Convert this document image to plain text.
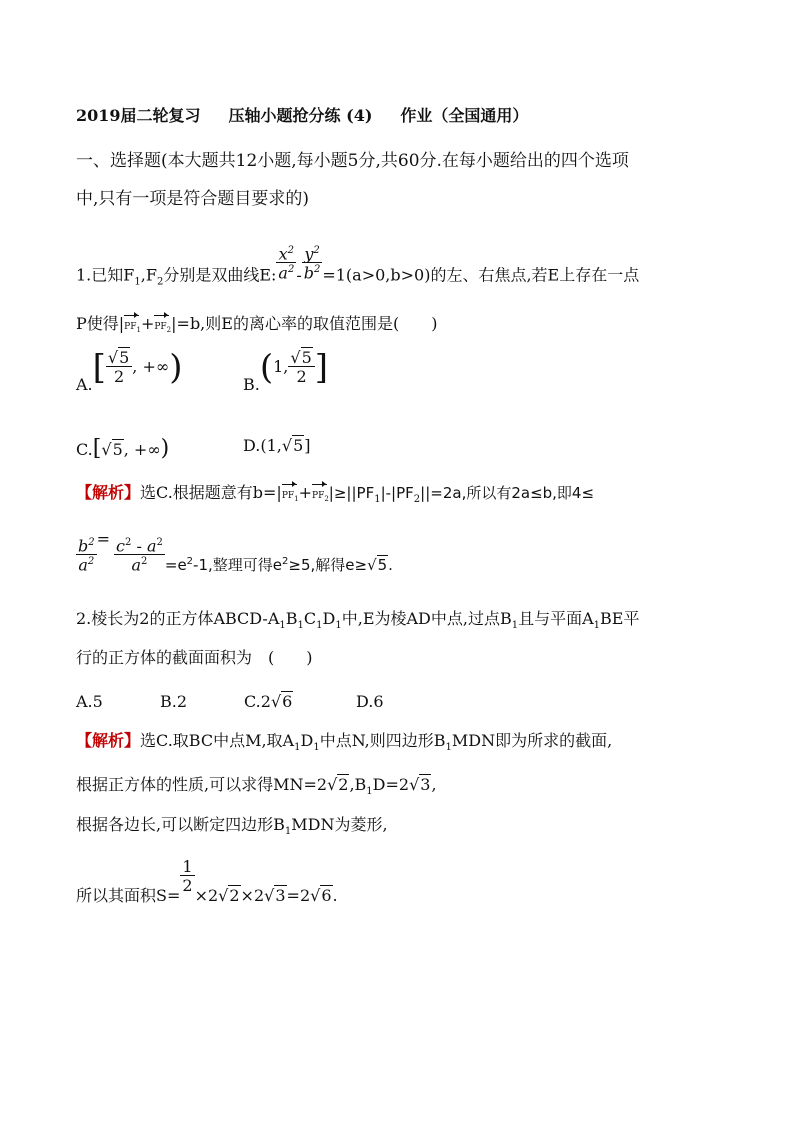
2019届二轮复习 压轴小题抢分练 (4) 作业（全国通用）
一、选择题(本大题共12小题,每小题5分,共60分.在每小题给出的四个选项
中,只有一项是符合题目要求的)
1.已知$F_1,F_2$分别是双曲线E: $\frac{x^2}{a^2} - \frac{y^2}{b^2} =1(a>0,b>0)$的左、右焦点,若E上存在一点
P使得$|PF_1+PF_2|=b$,则E的离心率的取值范围是(　　)
$A.[ \frac{√5}{2}$ , +∞)	B.(1, $\frac{√5}{2}$ ]
C.[√5, +∞)	D.(1,√5]
【解析】选C.根据题意有$b=|PF_1+PF_2|\ge||PF_1|-|PF_2||=2a$,所以有2a≤b,即4≤
$\frac{b^2}{a^2} = \frac{c^2 - a^2}{a^2} =e^2-1$,整理可得$e^2\ge 5$,解得e≥√5.
2.棱长为2的正方体ABCD-$A_1B_1C_1D_1$中,E为棱AD中点,过点$B_1$且与平面$A_1BE$平
行的正方体的截面面积为　(　　)
A.5	B.2	C.2√6	D.6
【解析】选C.取BC中点M,取$A_1D_1$中点N,则四边形$B_1MDN$即为所求的截面,
根据正方体的性质,可以求得$MN=2√2,B_1D=2√3$,
根据各边长,可以断定四边形$B_1MDN$为菱形,
所以其面积S=
$\frac{1}{2}$
×2√2×2√3=2√6.
